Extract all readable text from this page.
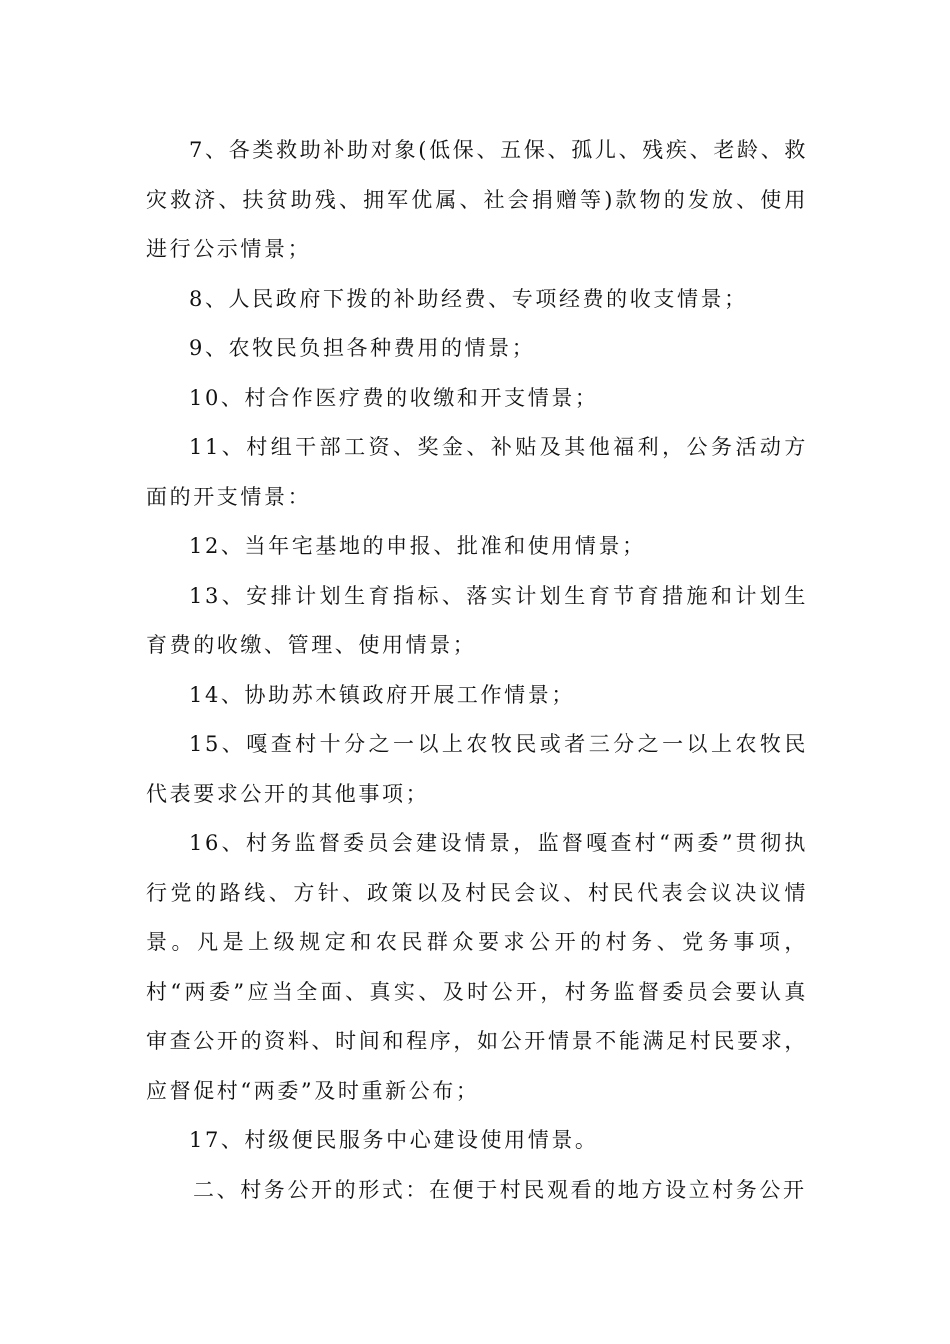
7、各类救助补助对象(低保、五保、孤儿、残疾、老龄、救灾救济、扶贫助残、拥军优属、社会捐赠等)款物的发放、使用进行公示情景；

8、人民政府下拨的补助经费、专项经费的收支情景；

9、农牧民负担各种费用的情景；

10、村合作医疗费的收缴和开支情景；

11、村组干部工资、奖金、补贴及其他福利，公务活动方面的开支情景：

12、当年宅基地的申报、批准和使用情景；

13、安排计划生育指标、落实计划生育节育措施和计划生育费的收缴、管理、使用情景；

14、协助苏木镇政府开展工作情景；

15、嘎查村十分之一以上农牧民或者三分之一以上农牧民代表要求公开的其他事项；

16、村务监督委员会建设情景，监督嘎查村“两委”贯彻执行党的路线、方针、政策以及村民会议、村民代表会议决议情景。凡是上级规定和农民群众要求公开的村务、党务事项，村“两委”应当全面、真实、及时公开，村务监督委员会要认真审查公开的资料、时间和程序，如公开情景不能满足村民要求，应督促村“两委”及时重新公布；

17、村级便民服务中心建设使用情景。

二、村务公开的形式：在便于村民观看的地方设立村务公开
